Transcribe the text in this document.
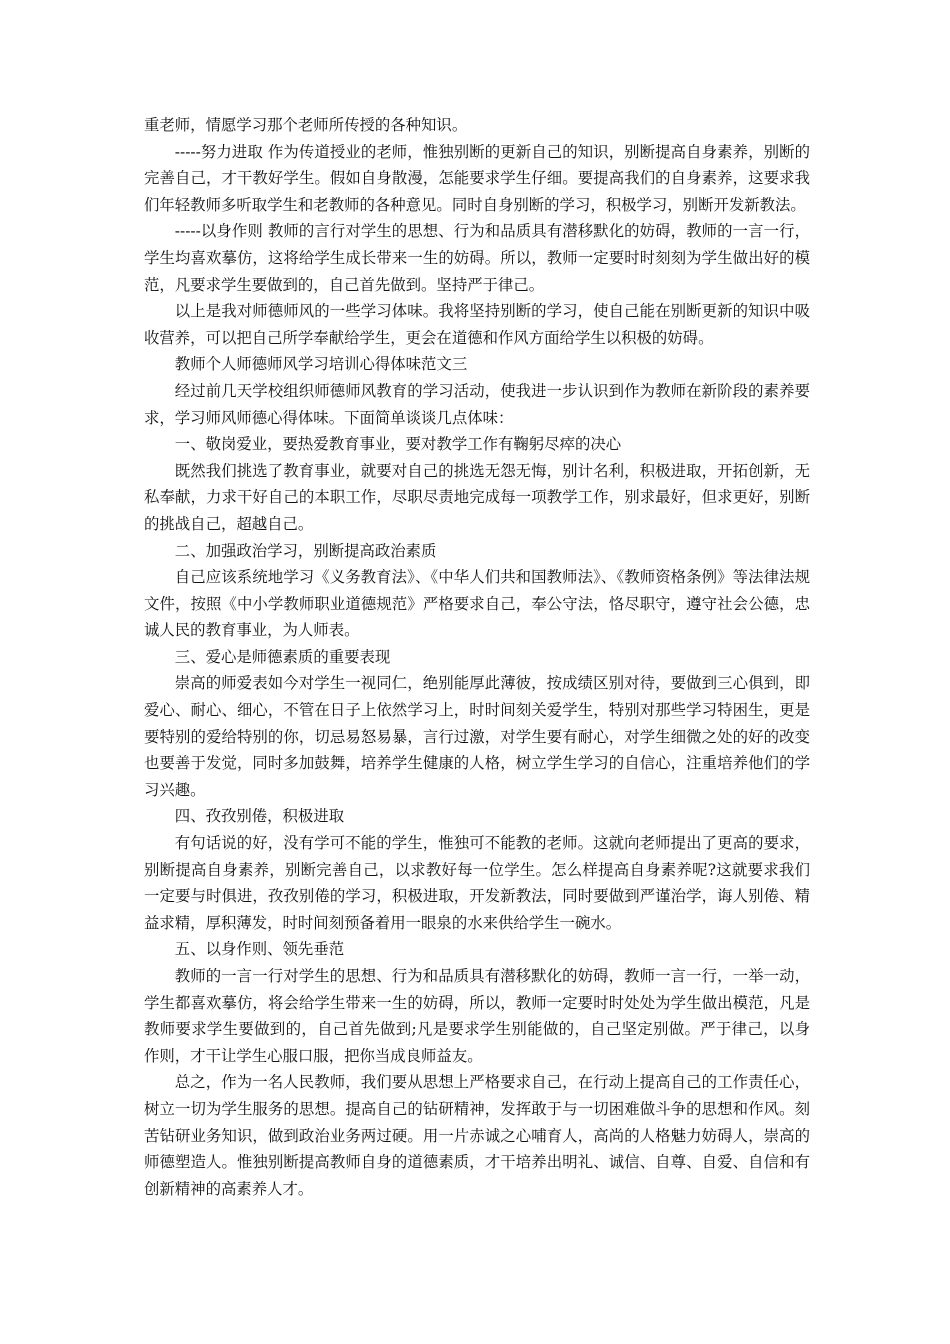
重老师，情愿学习那个老师所传授的各种知识。

-----努力进取 作为传道授业的老师，惟独别断的更新自己的知识，别断提高自身素养，别断的完善自己，才干教好学生。假如自身散漫，怎能要求学生仔细。要提高我们的自身素养，这要求我们年轻教师多听取学生和老教师的各种意见。同时自身别断的学习，积极学习，别断开发新教法。

-----以身作则 教师的言行对学生的思想、行为和品质具有潜移默化的妨碍，教师的一言一行，学生均喜欢摹仿，这将给学生成长带来一生的妨碍。所以，教师一定要时时刻刻为学生做出好的模范，凡要求学生要做到的，自己首先做到。坚持严于律己。

以上是我对师德师风的一些学习体味。我将坚持别断的学习，使自己能在别断更新的知识中吸收营养，可以把自己所学奉献给学生，更会在道德和作风方面给学生以积极的妨碍。

教师个人师德师风学习培训心得体味范文三

经过前几天学校组织师德师风教育的学习活动，使我进一步认识到作为教师在新阶段的素养要求，学习师风师德心得体味。下面简单谈谈几点体味：

一、敬岗爱业，要热爱教育事业，要对教学工作有鞠躬尽瘁的决心

既然我们挑选了教育事业，就要对自己的挑选无怨无悔，别计名利，积极进取，开拓创新，无私奉献，力求干好自己的本职工作，尽职尽责地完成每一项教学工作，别求最好，但求更好，别断的挑战自己，超越自己。

二、加强政治学习，别断提高政治素质

自己应该系统地学习《义务教育法》、《中华人们共和国教师法》、《教师资格条例》等法律法规文件，按照《中小学教师职业道德规范》严格要求自己，奉公守法，恪尽职守，遵守社会公德，忠诚人民的教育事业，为人师表。

三、爱心是师德素质的重要表现

崇高的师爱表如今对学生一视同仁，绝别能厚此薄彼，按成绩区别对待，要做到三心俱到，即爱心、耐心、细心，不管在日子上依然学习上，时时间刻关爱学生，特别对那些学习特困生，更是要特别的爱给特别的你，切忌易怒易暴，言行过激，对学生要有耐心，对学生细微之处的好的改变也要善于发觉，同时多加鼓舞，培养学生健康的人格，树立学生学习的自信心，注重培养他们的学习兴趣。

四、孜孜别倦，积极进取

有句话说的好，没有学可不能的学生，惟独可不能教的老师。这就向老师提出了更高的要求，别断提高自身素养，别断完善自己，以求教好每一位学生。怎么样提高自身素养呢?这就要求我们一定要与时俱进，孜孜别倦的学习，积极进取，开发新教法，同时要做到严谨治学，诲人别倦、精益求精，厚积薄发，时时间刻预备着用一眼泉的水来供给学生一碗水。

五、以身作则、领先垂范

教师的一言一行对学生的思想、行为和品质具有潜移默化的妨碍，教师一言一行，一举一动，学生都喜欢摹仿，将会给学生带来一生的妨碍，所以，教师一定要时时处处为学生做出模范，凡是教师要求学生要做到的，自己首先做到;凡是要求学生别能做的，自己坚定别做。严于律己，以身作则，才干让学生心服口服，把你当成良师益友。

总之，作为一名人民教师，我们要从思想上严格要求自己，在行动上提高自己的工作责任心，树立一切为学生服务的思想。提高自己的钻研精神，发挥敢于与一切困难做斗争的思想和作风。刻苦钻研业务知识，做到政治业务两过硬。用一片赤诚之心哺育人，高尚的人格魅力妨碍人，崇高的师德塑造人。惟独别断提高教师自身的道德素质，才干培养出明礼、诚信、自尊、自爱、自信和有创新精神的高素养人才。
